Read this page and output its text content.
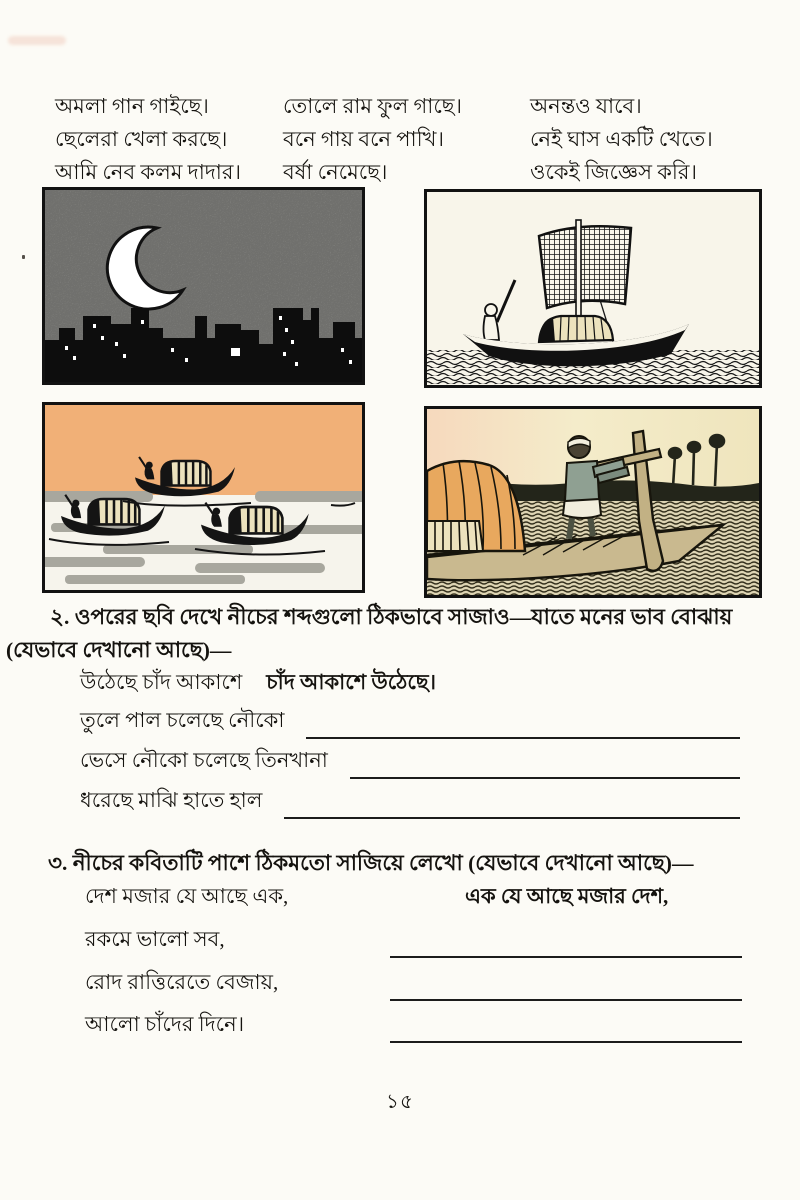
অমলা গান গাইছে।
ছেলেরা খেলা করছে।
আমি নেব কলম দাদার।
তোলে রাম ফুল গাছে।
বনে গায় বনে পাখি।
বর্ষা নেমেছে।
অনন্তও যাবে।
নেই ঘাস একটি খেতে।
ওকেই জিজ্ঞেস করি।
২. ওপরের ছবি দেখে নীচের শব্দগুলো ঠিকভাবে সাজাও—যাতে মনের ভাব বোঝায়
(যেভাবে দেখানো আছে)—
উঠেছে চাঁদ আকাশে চাঁদ আকাশে উঠেছে।
তুলে পাল চলেছে নৌকো
ভেসে নৌকো চলেছে তিনখানা
ধরেছে মাঝি হাতে হাল
৩. নীচের কবিতাটি পাশে ঠিকমতো সাজিয়ে লেখো (যেভাবে দেখানো আছে)—
দেশ মজার যে আছে এক,	এক যে আছে মজার দেশ,
রকমে ভালো সব,
রোদ রাত্তিরেতে বেজায়,
আলো চাঁদের দিনে।
১৫
